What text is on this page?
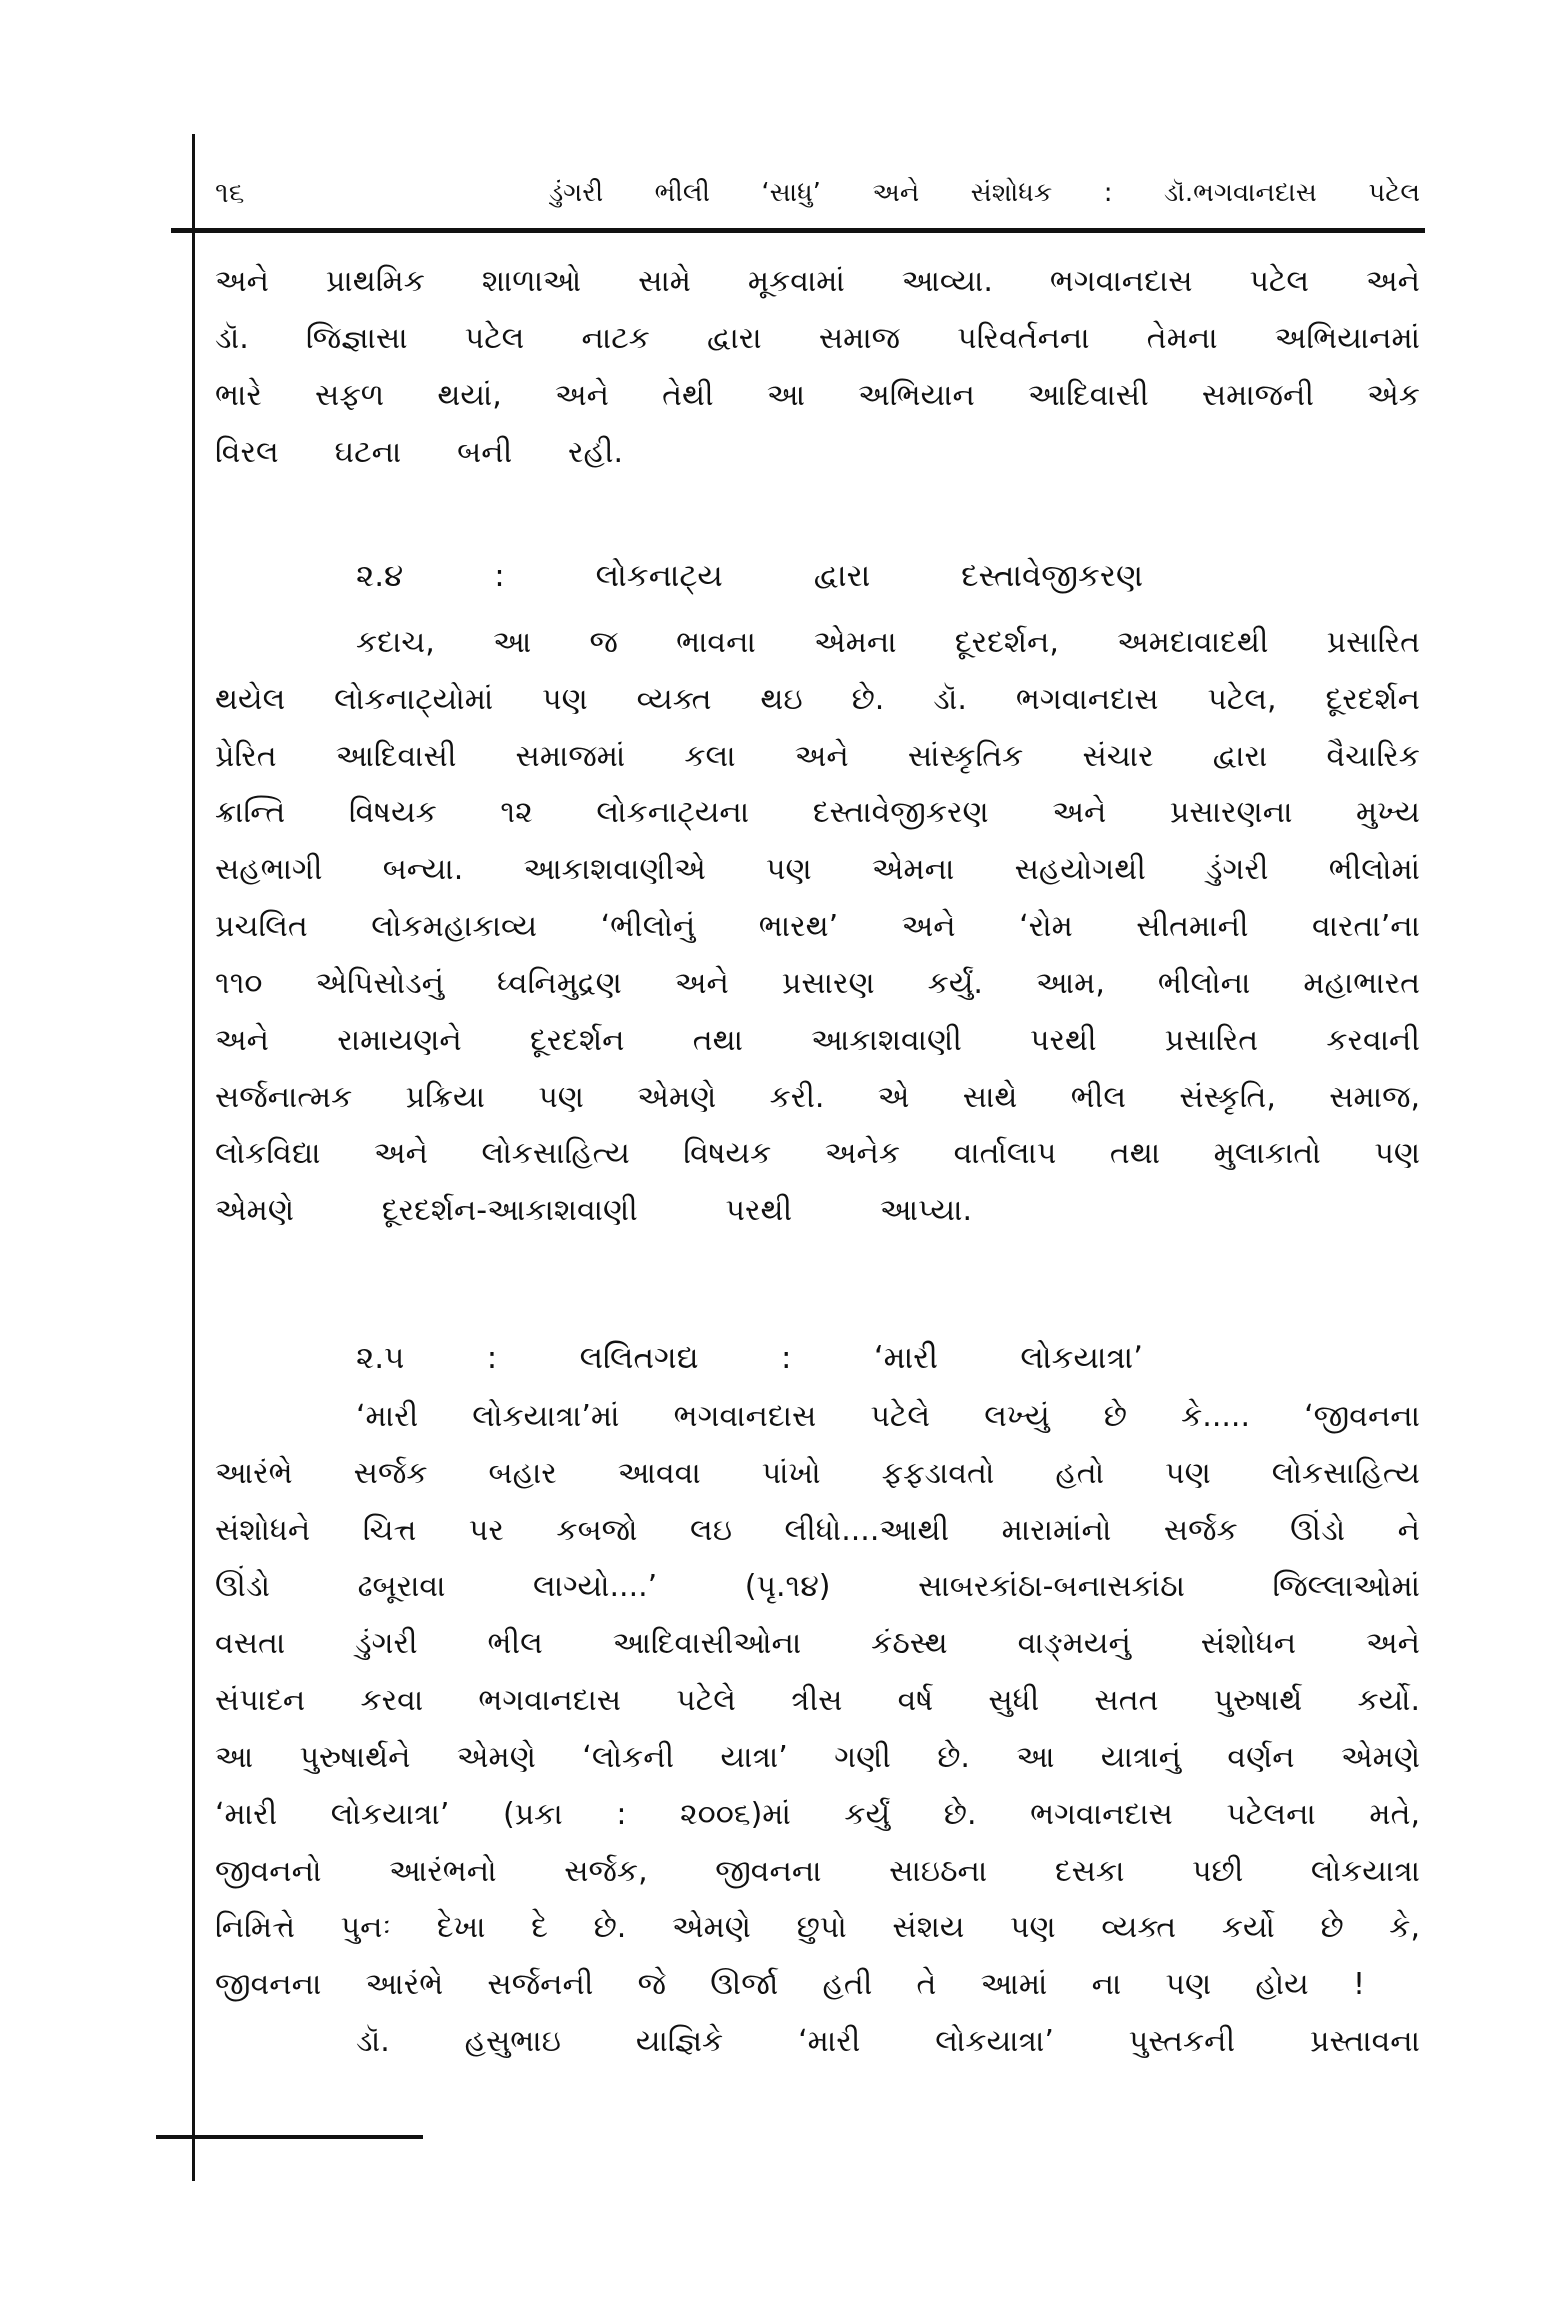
૧૬	ડુંગરી ભીલી ‘સાધુ’ અને સંશોધક : ડૉ.ભગવાનદાસ પટેલ
અને પ્રાથમિક શાળાઓ સામે મૂકવામાં આવ્યા. ભગવાનદાસ પટેલ અને
ડૉ. જિજ્ઞાસા પટેલ નાટક દ્વારા સમાજ પરિવર્તનના તેમના અભિયાનમાં
ભારે સફળ થયાં, અને તેથી આ અભિયાન આદિવાસી સમાજની એક
વિરલ ઘટના બની રહી.
૨.૪ : લોકનાટ્ય દ્વારા દસ્તાવેજીકરણ
કદાચ, આ જ ભાવના એમના દૂરદર્શન, અમદાવાદથી પ્રસારિત
થયેલ લોકનાટ્યોમાં પણ વ્યક્ત થઇ છે. ડૉ. ભગવાનદાસ પટેલ, દૂરદર્શન
પ્રેરિત આદિવાસી સમાજમાં કલા અને સાંસ્કૃતિક સંચાર દ્વારા વૈચારિક
ક્રાન્તિ વિષયક ૧૨ લોકનાટ્યના દસ્તાવેજીકરણ અને પ્રસારણના મુખ્ય
સહભાગી બન્યા. આકાશવાણીએ પણ એમના સહયોગથી ડુંગરી ભીલોમાં
પ્રચલિત લોકમહાકાવ્ય ‘ભીલોનું ભારથ’ અને ‘રોમ સીતમાની વારતા’ના
૧૧૦ એપિસોડનું ધ્વનિમુદ્રણ અને પ્રસારણ કર્યું. આમ, ભીલોના મહાભારત
અને રામાયણને દૂરદર્શન તથા આકાશવાણી પરથી પ્રસારિત કરવાની
સર્જનાત્મક પ્રક્રિયા પણ એમણે કરી. એ સાથે ભીલ સંસ્કૃતિ, સમાજ,
લોકવિદ્યા અને લોકસાહિત્ય વિષયક અનેક વાર્તાલાપ તથા મુલાકાતો પણ
એમણે દૂરદર્શન-આકાશવાણી પરથી આપ્યા.
૨.૫ : લલિતગદ્ય : ‘મારી લોકયાત્રા’
‘મારી લોકયાત્રા’માં ભગવાનદાસ પટેલે લખ્યું છે કે..... ‘જીવનના
આરંભે સર્જક બહાર આવવા પાંખો ફફડાવતો હતો પણ લોકસાહિત્ય
સંશોધને ચિત્ત પર કબજો લઇ લીધો....આથી મારામાંનો સર્જક ઊંડો ને
ઊંડો ઢબૂરાવા લાગ્યો....’ (પૃ.૧૪) સાબરકાંઠા-બનાસકાંઠા જિલ્લાઓમાં
વસતા ડુંગરી ભીલ આદિવાસીઓના કંઠસ્થ વાઙ્મયનું સંશોધન અને
સંપાદન કરવા ભગવાનદાસ પટેલે ત્રીસ વર્ષ સુધી સતત પુરુષાર્થ કર્યો.
આ પુરુષાર્થને એમણે ‘લોકની યાત્રા’ ગણી છે. આ યાત્રાનું વર્ણન એમણે
‘મારી લોકયાત્રા’ (પ્રકા : ૨૦૦૬)માં કર્યું છે. ભગવાનદાસ પટેલના મતે,
જીવનનો આરંભનો સર્જક, જીવનના સાઇઠના દસકા પછી લોકયાત્રા
નિમિત્તે પુનઃ દેખા દે છે. એમણે છુપો સંશય પણ વ્યક્ત કર્યો છે કે,
જીવનના આરંભે સર્જનની જે ઊર્જા હતી તે આમાં ના પણ હોય !
ડૉ. હસુભાઇ યાજ્ઞિકે ‘મારી લોકયાત્રા’ પુસ્તકની પ્રસ્તાવના
